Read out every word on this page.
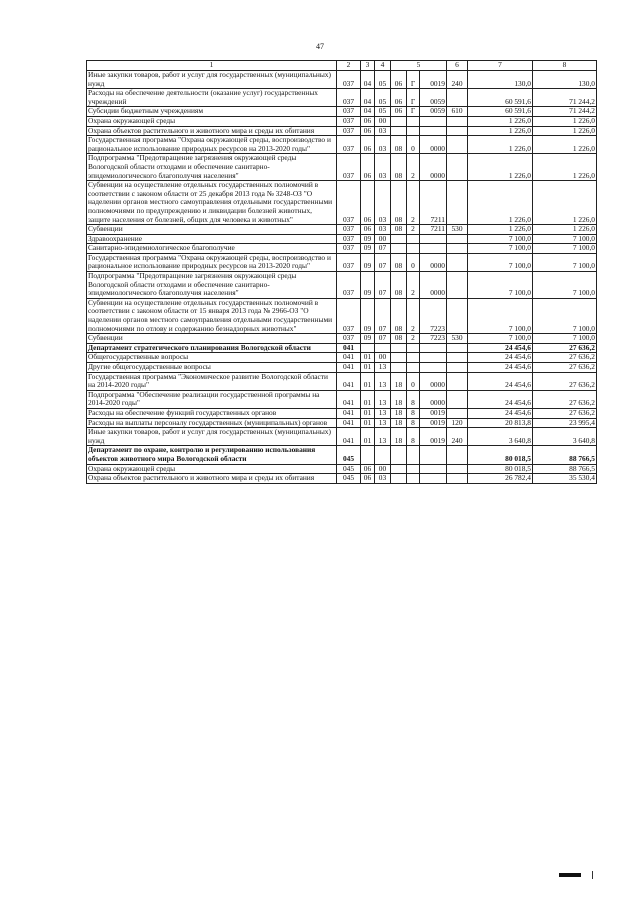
47
1	2	3	4	5			6	7	8
Иные закупки товаров, работ и услуг для государственных (муниципальных) нужд	037	04	05	06	Г	0019	240	130,0	130,0
Расходы на обеспечение деятельности (оказание услуг) государственных учреждений	037	04	05	06	Г	0059		60 591,6	71 244,2
Субсидии бюджетным учреждениям	037	04	05	06	Г	0059	610	60 591,6	71 244,2
Охрана окружающей среды	037	06	00					1 226,0	1 226,0
Охрана объектов растительного и животного мира и среды их обитания	037	06	03					1 226,0	1 226,0
Государственная программа "Охрана окружающей среды, воспроизводство и рациональное использование природных ресурсов на 2013-2020 годы"	037	06	03	08	0	0000		1 226,0	1 226,0
Подпрограмма "Предотвращение загрязнения окружающей среды Вологодской области отходами и обеспечение санитарно-эпидемиологического благополучия населения"	037	06	03	08	2	0000		1 226,0	1 226,0
Субвенции на осуществление отдельных государственных полномочий в соответствии с законом области от 25 декабря 2013 года № 3248-ОЗ "О наделении органов местного самоуправления отдельными государственными полномочиями по предупреждению и ликвидации болезней животных, защите населения от болезней, общих для человека и животных"	037	06	03	08	2	7211		1 226,0	1 226,0
Субвенции	037	06	03	08	2	7211	530	1 226,0	1 226,0
Здравоохранение	037	09	00					7 100,0	7 100,0
Санитарно-эпидемиологическое благополучие	037	09	07					7 100,0	7 100,0
Государственная программа "Охрана окружающей среды, воспроизводство и рациональное использование природных ресурсов на 2013-2020 годы"	037	09	07	08	0	0000		7 100,0	7 100,0
Подпрограмма "Предотвращение загрязнения окружающей среды Вологодской области отходами и обеспечение санитарно-эпидемиологического благополучия населения"	037	09	07	08	2	0000		7 100,0	7 100,0
Субвенции на осуществление отдельных государственных полномочий в соответствии с законом области от 15 января 2013 года № 2966-ОЗ "О наделении органов местного самоуправления отдельными государственными полномочиями по отлову и содержанию безнадзорных животных"	037	09	07	08	2	7223		7 100,0	7 100,0
Субвенции	037	09	07	08	2	7223	530	7 100,0	7 100,0
Департамент стратегического планирования Вологодской области	041							24 454,6	27 636,2
Общегосударственные вопросы	041	01	00					24 454,6	27 636,2
Другие общегосударственные вопросы	041	01	13					24 454,6	27 636,2
Государственная программа "Экономическое развитие Вологодской области на 2014-2020 годы"	041	01	13	18	0	0000		24 454,6	27 636,2
Подпрограмма "Обеспечение реализации государственной программы на 2014-2020 годы"	041	01	13	18	8	0000		24 454,6	27 636,2
Расходы на обеспечение функций государственных органов	041	01	13	18	8	0019		24 454,6	27 636,2
Расходы на выплаты персоналу государственных (муниципальных) органов	041	01	13	18	8	0019	120	20 813,8	23 995,4
Иные закупки товаров, работ и услуг для государственных (муниципальных) нужд	041	01	13	18	8	0019	240	3 640,8	3 640,8
Департамент по охране, контролю и регулированию использования объектов животного мира Вологодской области	045							80 018,5	88 766,5
Охрана окружающей среды	045	06	00					80 018,5	88 766,5
Охрана объектов растительного и животного мира и среды их обитания	045	06	03					26 782,4	35 530,4
